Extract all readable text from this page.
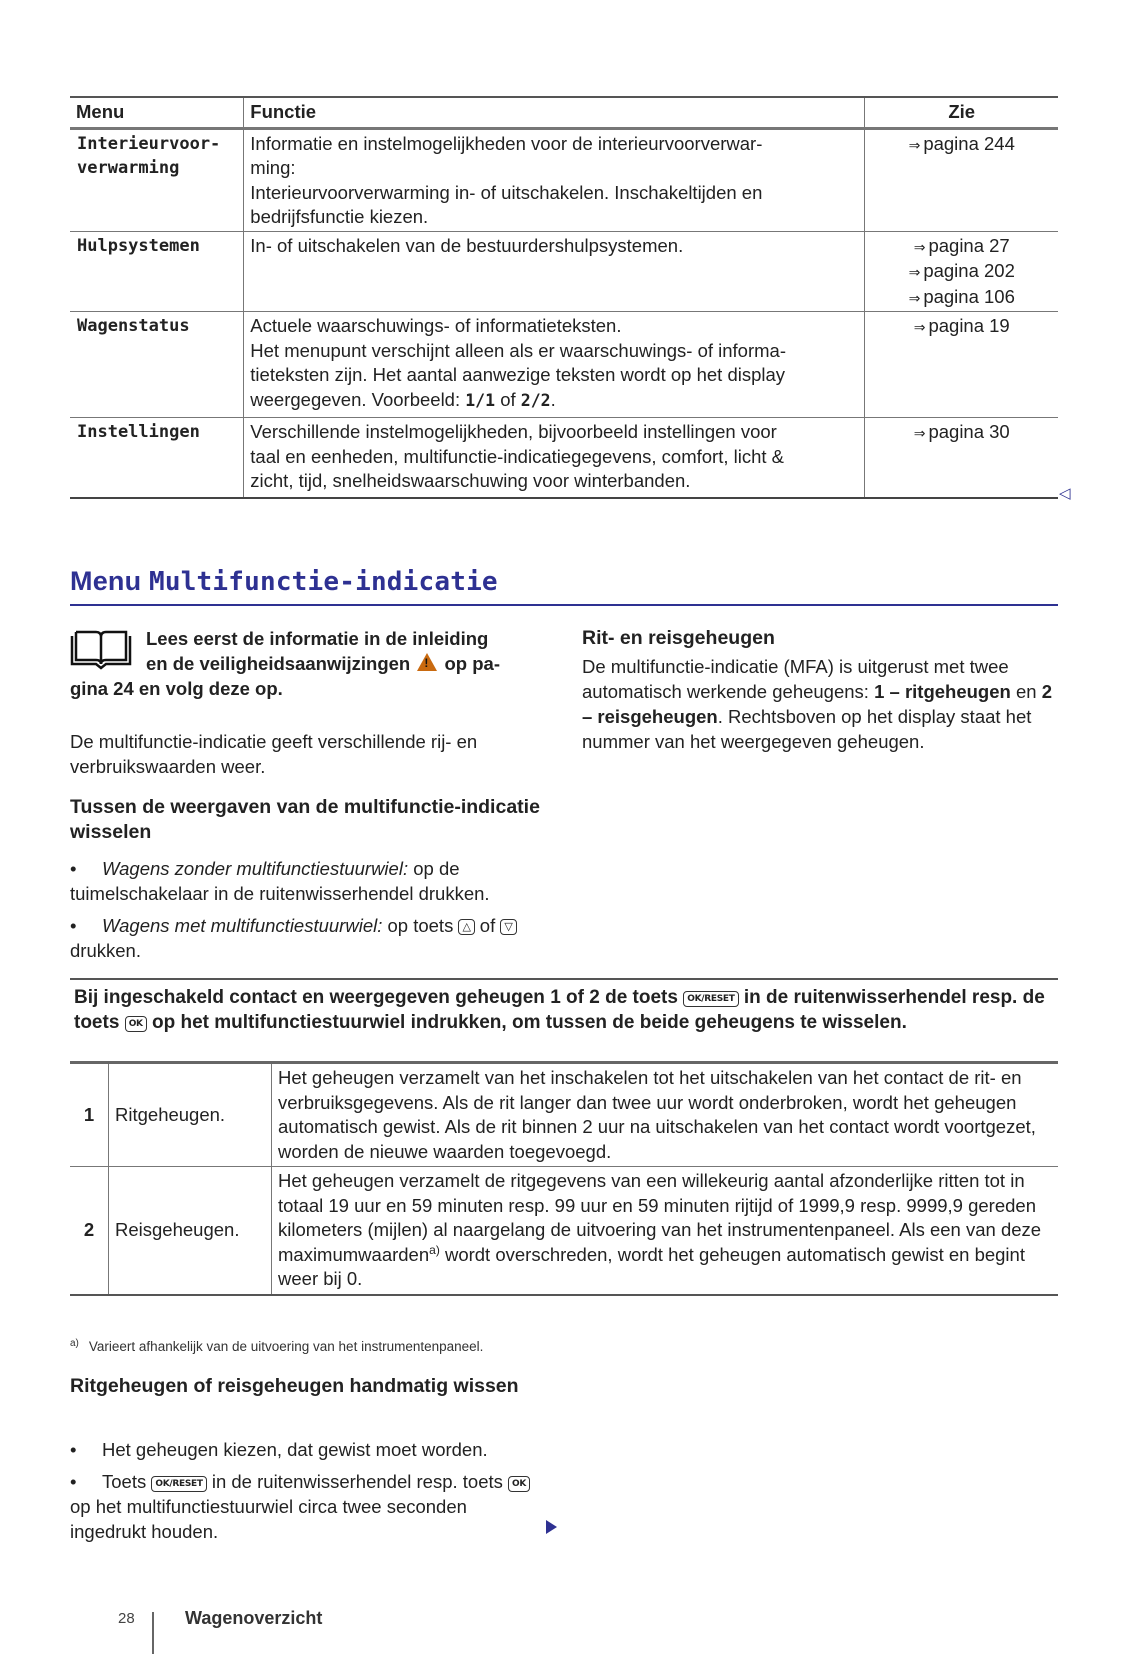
Menu	Functie	Zie
Interieurvoor-
verwarming	Informatie en instelmogelijkheden voor de interieurvoorverwar-
ming:
Interieurvoorverwarming in- of uitschakelen. Inschakeltijden en
bedrijfsfunctie kiezen.	⇒ pagina 244

Hulpsystemen	In- of uitschakelen van de bestuurdershulpsystemen.	⇒ pagina 27
⇒ pagina 202
⇒ pagina 106

Wagenstatus	Actuele waarschuwings- of informatieteksten.
Het menupunt verschijnt alleen als er waarschuwings- of informa-
tieteksten zijn. Het aantal aanwezige teksten wordt op het display
weergegeven. Voorbeeld: 1/1 of 2/2.	⇒ pagina 19

Instellingen	Verschillende instelmogelijkheden, bijvoorbeeld instellingen voor
taal en eenheden, multifunctie-indicatiegegevens, comfort, licht &
zicht, tijd, snelheidswaarschuwing voor winterbanden.	⇒ pagina 30
◁
Menu Multifunctie-indicatie
Lees eerst de informatie in de inleiding
en de veiligheidsaanwijzingen ! op pa-
gina 24 en volg deze op.
De multifunctie-indicatie geeft verschillende rij- en verbruikswaarden weer.
Tussen de weergaven van de multifunctie-indicatie wisselen
• Wagens zonder multifunctiestuurwiel: op de tuimelschakelaar in de ruitenwisserhendel drukken.
• Wagens met multifunctiestuurwiel: op toets △ of ▽ drukken.
Rit- en reisgeheugen
De multifunctie-indicatie (MFA) is uitgerust met twee automatisch werkende geheugens: 1 – ritgeheugen en 2 – reisgeheugen. Rechtsboven op het display staat het nummer van het weergegeven geheugen.
Bij ingeschakeld contact en weergegeven geheugen 1 of 2 de toets OK/RESET in de ruitenwisserhendel resp. de toets OK op het multifunctiestuurwiel indrukken, om tussen de beide geheugens te wisselen.
1	Ritgeheugen.	Het geheugen verzamelt van het inschakelen tot het uitschakelen van het contact de rit- en verbruiksgegevens. Als de rit langer dan twee uur wordt onderbroken, wordt het geheugen automatisch gewist. Als de rit binnen 2 uur na uitschakelen van het contact wordt voortgezet, worden de nieuwe waarden toegevoegd.
2	Reisgeheugen.	Het geheugen verzamelt de ritgegevens van een willekeurig aantal afzonderlijke ritten tot in totaal 19 uur en 59 minuten resp. 99 uur en 59 minuten rijtijd of 1999,9 resp. 9999,9 gereden kilometers (mijlen) al naargelang de uitvoering van het instrumentenpaneel. Als een van deze maximumwaarden$^{a)}$ wordt overschreden, wordt het geheugen automatisch gewist en begint weer bij 0.
$^{a)}$ Varieert afhankelijk van de uitvoering van het instrumentenpaneel.
Ritgeheugen of reisgeheugen handmatig wissen
• Het geheugen kiezen, dat gewist moet worden.
• Toets OK/RESET in de ruitenwisserhendel resp. toets OK op het multifunctiestuurwiel circa twee seconden ingedrukt houden.
28	Wagenoverzicht
